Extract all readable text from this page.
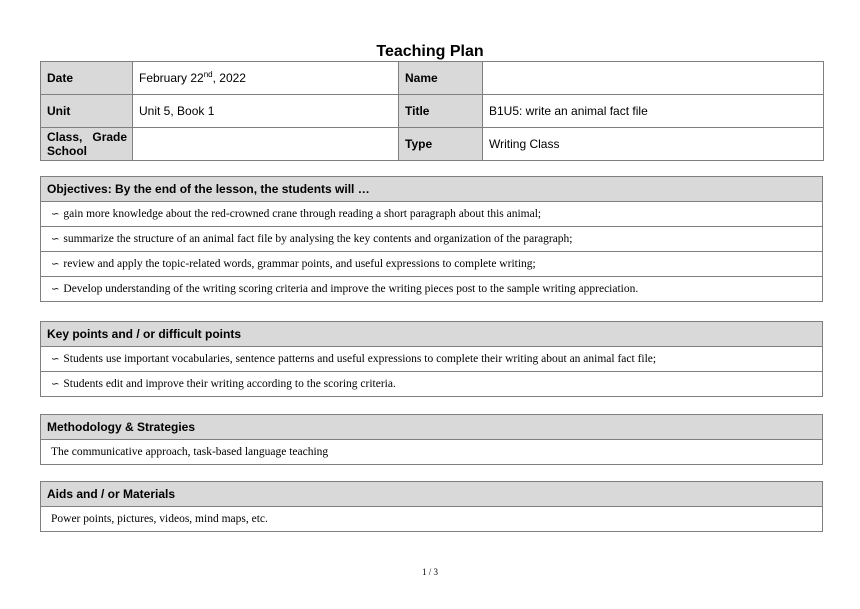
Teaching Plan
Date	February 22nd, 2022	Name	
Unit	Unit 5, Book 1	Title	B1U5: write an animal fact file
Class,   Grade
School		Type	Writing Class
Objectives: By the end of the lesson, the students will …
∽ gain more knowledge about the red-crowned crane through reading a short paragraph about this animal;
∽ summarize the structure of an animal fact file by analysing the key contents and organization of the paragraph;
∽ review and apply the topic-related words, grammar points, and useful expressions to complete writing;
∽ Develop understanding of the writing scoring criteria and improve the writing pieces post to the sample writing appreciation.
Key points and / or difficult points
∽ Students use important vocabularies, sentence patterns and useful expressions to complete their writing about an animal fact file;
∽ Students edit and improve their writing according to the scoring criteria.
Methodology & Strategies
The communicative approach, task-based language teaching
Aids and / or Materials
Power points, pictures, videos, mind maps, etc.
1 / 3
